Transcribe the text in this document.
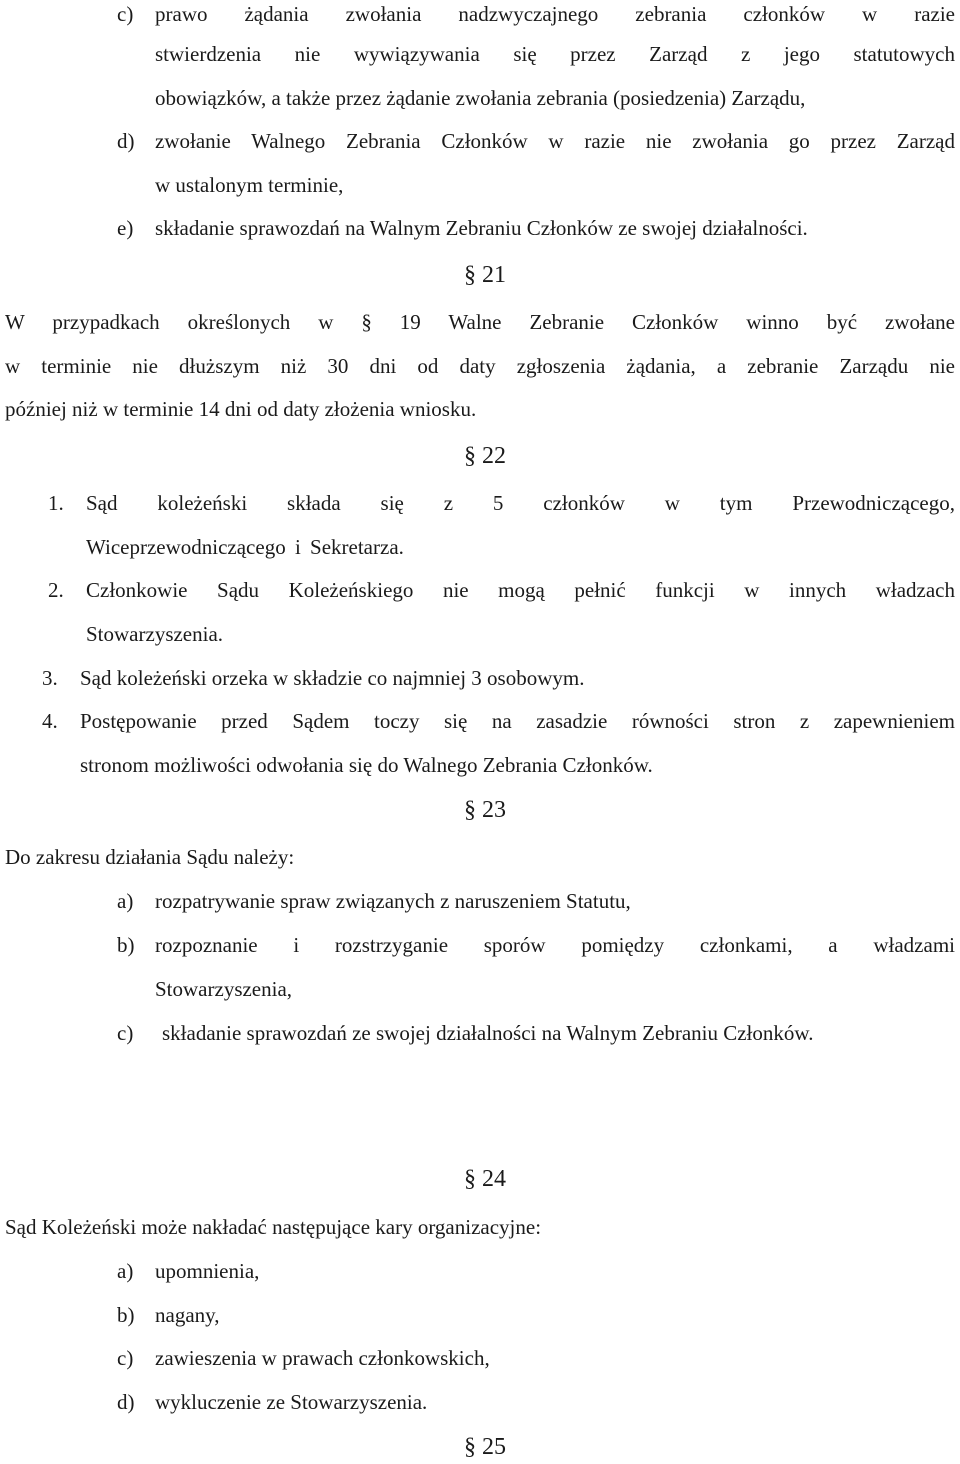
c) prawo żądania zwołania nadzwyczajnego zebrania członków w razie
stwierdzenia nie wywiązywania się przez Zarząd z jego statutowych
obowiązków, a także przez żądanie zwołania zebrania (posiedzenia) Zarządu,
d) zwołanie Walnego Zebrania Członków w razie nie zwołania go przez Zarząd
w ustalonym terminie,
e) składanie sprawozdań na Walnym Zebraniu Członków ze swojej działalności.
§ 21
W przypadkach określonych w § 19 Walne Zebranie Członków winno być zwołane
w terminie nie dłuższym niż 30 dni od daty zgłoszenia żądania, a zebranie Zarządu nie
później niż w terminie 14 dni od daty złożenia wniosku.
§ 22
1. Sąd koleżeński składa się z 5 członków w tym Przewodniczącego,
Wiceprzewodniczącego i Sekretarza.
2. Członkowie Sądu Koleżeńskiego nie mogą pełnić funkcji w innych władzach
Stowarzyszenia.
3. Sąd koleżeński orzeka w składzie co najmniej 3 osobowym.
4. Postępowanie przed Sądem toczy się na zasadzie równości stron z zapewnieniem
stronom możliwości odwołania się do Walnego Zebrania Członków.
§ 23
Do zakresu działania Sądu należy:
a) rozpatrywanie spraw związanych z naruszeniem Statutu,
b) rozpoznanie i rozstrzyganie sporów pomiędzy członkami, a władzami
Stowarzyszenia,
c) składanie sprawozdań ze swojej działalności na Walnym Zebraniu Członków.
§ 24
Sąd Koleżeński może nakładać następujące kary organizacyjne:
a) upomnienia,
b) nagany,
c) zawieszenia w prawach członkowskich,
d) wykluczenie ze Stowarzyszenia.
§ 25
